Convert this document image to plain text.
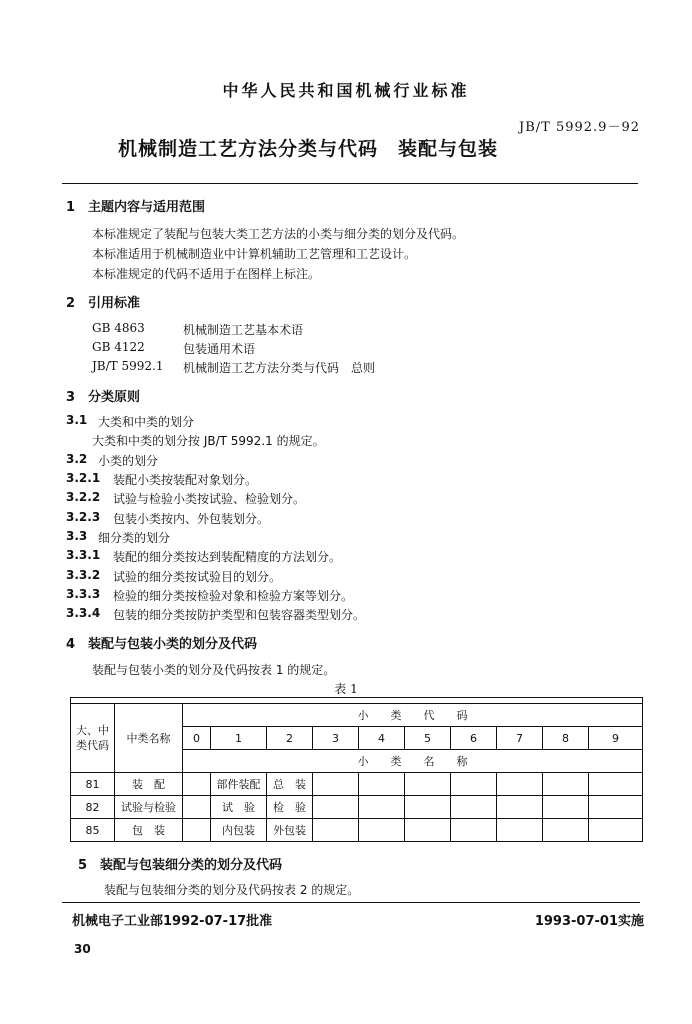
中华人民共和国机械行业标准
JB/T 5992.9－92
机械制造工艺方法分类与代码　装配与包装
1　主题内容与适用范围
本标准规定了装配与包装大类工艺方法的小类与细分类的划分及代码。
本标准适用于机械制造业中计算机辅助工艺管理和工艺设计。
本标准规定的代码不适用于在图样上标注。
2　引用标准
GB 4863	机械制造工艺基本术语
GB 4122	包装通用术语
JB/T 5992.1 机械制造工艺方法分类与代码　总则
3　分类原则
3.1 大类和中类的划分
大类和中类的划分按 JB/T 5992.1 的规定。
3.2 小类的划分
3.2.1 装配小类按装配对象划分。
3.2.2 试验与检验小类按试验、检验划分。
3.2.3 包装小类按内、外包装划分。
3.3 细分类的划分
3.3.1 装配的细分类按达到装配精度的方法划分。
3.3.2 试验的细分类按试验目的划分。
3.3.3 检验的细分类按检验对象和检验方案等划分。
3.3.4 包装的细分类按防护类型和包装容器类型划分。
4　装配与包装小类的划分及代码
装配与包装小类的划分及代码按表 1 的规定。
表 1

大、中类代码	中类名称	小　　类　　代　　码									
		0	1	2	3	4	5	6	7	8	9
		小　　类　　名　　称									
81	装　配		部件装配	总　装							
82	试验与检验		试　验	检　验							
85	包　装		内包装	外包装							
5　装配与包装细分类的划分及代码
装配与包装细分类的划分及代码按表 2 的规定。
机械电子工业部1992-07-17批准	1993-07-01实施
30
